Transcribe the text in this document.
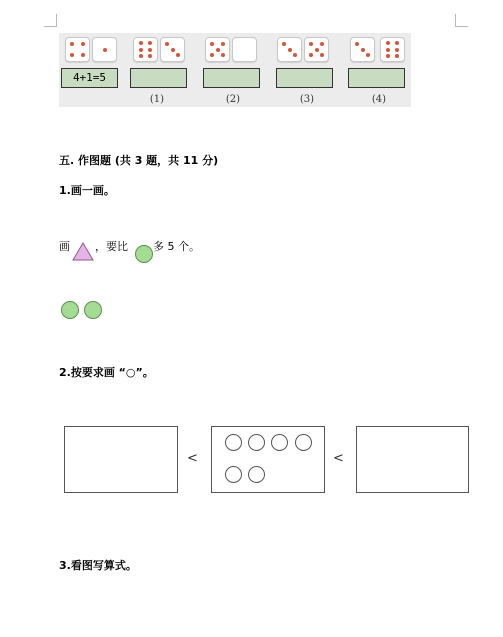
4+1=5
(1)	(2)	(3)	(4)
五. 作图题 (共 3 题，共 11 分)
1.画一画。
画 ，要比 多 5 个。
2.按要求画 “○”。
<	<
3.看图写算式。
